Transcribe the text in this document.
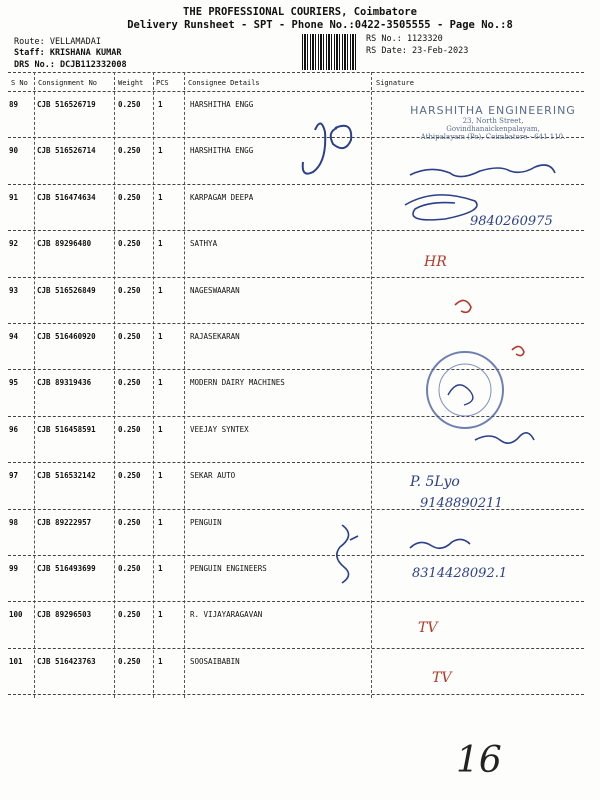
THE PROFESSIONAL COURIERS, Coimbatore
Delivery Runsheet - SPT - Phone No.:0422-3505555 - Page No.:8
Route: VELLAMADAI
Staff: KRISHANA KUMAR
DRS No.: DCJB112332008
RS No.: 1123320
RS Date: 23-Feb-2023
S No Consignment No	Weight PCS	Consignee Details	Signature
89	CJB 516526719	0.250 1	HARSHITHA ENGG
90	CJB 516526714	0.250 1	HARSHITHA ENGG
91	CJB 516474634	0.250 1	KARPAGAM DEEPA
92	CJB 89296480	0.250 1	SATHYA
93	CJB 516526849	0.250 1	NAGESWAARAN
94	CJB 516460920	0.250 1	RAJASEKARAN
95	CJB 89319436	0.250 1	MODERN DAIRY MACHINES
96	CJB 516458591	0.250 1	VEEJAY SYNTEX
97	CJB 516532142	0.250 1	SEKAR AUTO
98	CJB 89222957	0.250 1	PENGUIN
99	CJB 516493699	0.250 1	PENGUIN ENGINEERS
100 CJB 89296503	0.250 1	R. VIJAYARAGAVAN
101 CJB 516423763	0.250 1	SOOSAIBABIN
HARSHITHA ENGINEERING
23, North Street,
Govindhanaickenpalayam,
Athipalayam (Po), Coimbatore - 641 110.
9840260975
HR
P. 5Lyo
9148890211
8314428092.1
TV
TV
16
